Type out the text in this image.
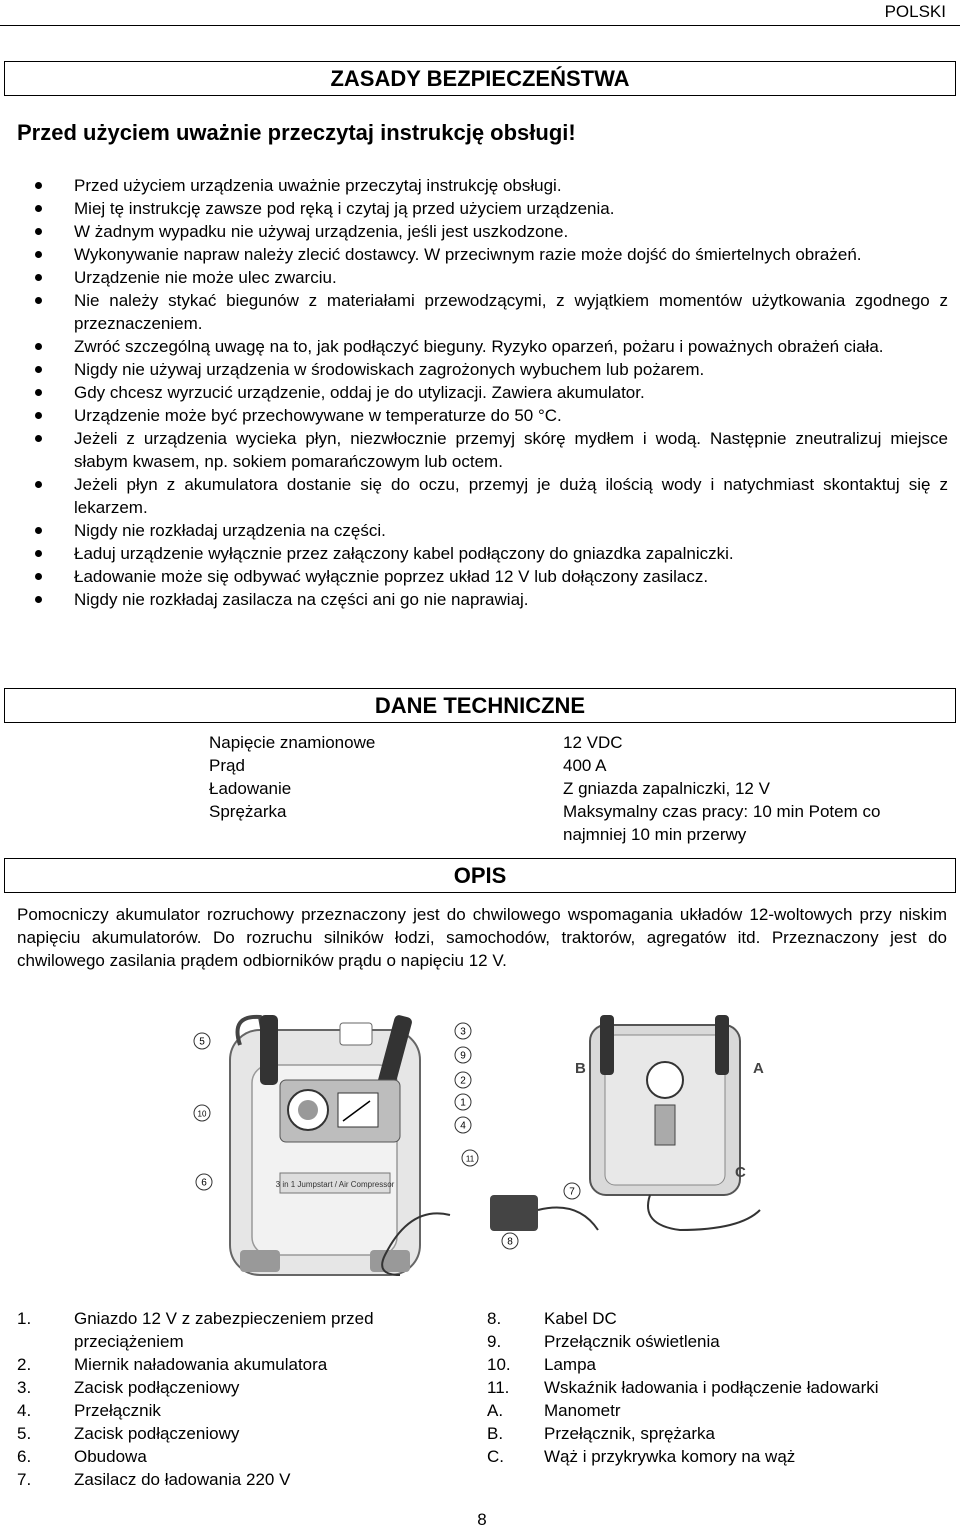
POLSKI
ZASADY BEZPIECZEŃSTWA
Przed użyciem uważnie przeczytaj instrukcję obsługi!
Przed użyciem urządzenia uważnie przeczytaj instrukcję obsługi.
Miej tę instrukcję zawsze pod ręką i czytaj ją przed użyciem urządzenia.
W żadnym wypadku nie używaj urządzenia, jeśli jest uszkodzone.
Wykonywanie napraw należy zlecić dostawcy. W przeciwnym razie może dojść do śmiertelnych obrażeń.
Urządzenie nie może ulec zwarciu.
Nie należy stykać biegunów z materiałami przewodzącymi, z wyjątkiem momentów użytkowania zgodnego z przeznaczeniem.
Zwróć szczególną uwagę na to, jak podłączyć bieguny. Ryzyko oparzeń, pożaru i poważnych obrażeń ciała.
Nigdy nie używaj urządzenia w środowiskach zagrożonych wybuchem lub pożarem.
Gdy chcesz wyrzucić urządzenie, oddaj je do utylizacji. Zawiera akumulator.
Urządzenie może być przechowywane w temperaturze do 50 °C.
Jeżeli z urządzenia wycieka płyn, niezwłocznie przemyj skórę mydłem i wodą. Następnie zneutralizuj miejsce słabym kwasem, np. sokiem pomarańczowym lub octem.
Jeżeli płyn z akumulatora dostanie się do oczu, przemyj je dużą ilością wody i natychmiast skontaktuj się z lekarzem.
Nigdy nie rozkładaj urządzenia na części.
Ładuj urządzenie wyłącznie przez załączony kabel podłączony do gniazdka zapalniczki.
Ładowanie może się odbywać wyłącznie poprzez układ 12 V lub dołączony zasilacz.
Nigdy nie rozkładaj zasilacza na części ani go nie naprawiaj.
DANE TECHNICZNE
Napięcie znamionowe	12 VDC
Prąd	400 A
Ładowanie	Z gniazda zapalniczki, 12 V
Sprężarka	Maksymalny czas pracy: 10 min Potem co najmniej 10 min przerwy
OPIS
Pomocniczy akumulator rozruchowy przeznaczony jest do chwilowego wspomagania układów 12-woltowych przy niskim napięciu akumulatorów. Do rozruchu silników łodzi, samochodów, traktorów, agregatów itd. Przeznaczony jest do chwilowego zasilania prądem odbiorników prądu o napięciu 12 V.
3 in 1 Jumpstart / Air Compressor
1
2
3
4
5
6
7
8
9
10
11
A
B
C
1.	Gniazdo 12 V z zabezpieczeniem przed przeciążeniem
2.	Miernik naładowania akumulatora
3.	Zacisk podłączeniowy
4.	Przełącznik
5.	Zacisk podłączeniowy
6.	Obudowa
7.	Zasilacz do ładowania 220 V
8.	Kabel DC
9.	Przełącznik oświetlenia
10.	Lampa
11.	Wskaźnik ładowania i podłączenie ładowarki
A.	Manometr
B.	Przełącznik, sprężarka
C.	Wąż i przykrywka komory na wąż
8
